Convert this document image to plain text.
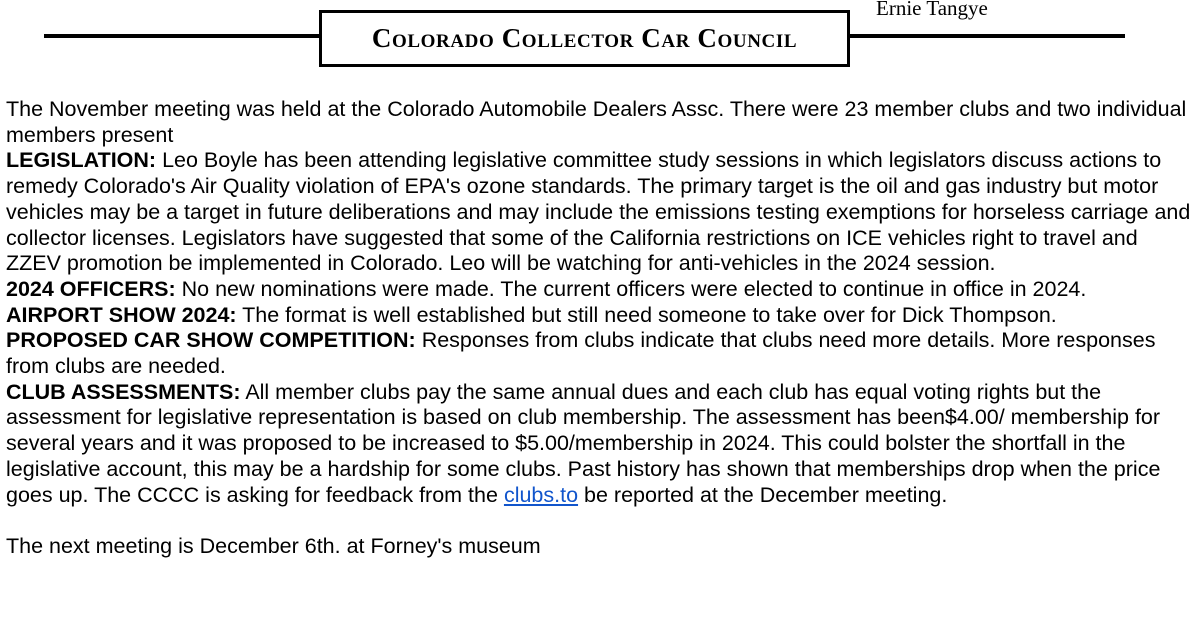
Ernie Tangye
Colorado Collector Car Council

The November meeting was held at the Colorado Automobile Dealers Assc. There were 23 member clubs and two individual members present

LEGISLATION: Leo Boyle has been attending legislative committee study sessions in which legislators discuss actions to remedy Colorado's Air Quality violation of EPA's ozone standards. The primary target is the oil and gas industry but motor vehicles may be a target in future deliberations and may include the emissions testing exemptions for horseless carriage and collector licenses. Legislators have suggested that some of the California restrictions on ICE vehicles right to travel and ZZEV promotion be implemented in Colorado. Leo will be watching for anti-vehicles in the 2024 session.

2024 OFFICERS: No new nominations were made. The current officers were elected to continue in office in 2024.

AIRPORT SHOW 2024: The format is well established but still need someone to take over for Dick Thompson.

PROPOSED CAR SHOW COMPETITION: Responses from clubs indicate that clubs need more details. More responses from clubs are needed.

CLUB ASSESSMENTS: All member clubs pay the same annual dues and each club has equal voting rights but the assessment for legislative representation is based on club membership. The assessment has been$4.00/ membership for several years and it was proposed to be increased to $5.00/membership in 2024. This could bolster the shortfall in the legislative account, this may be a hardship for some clubs. Past history has shown that memberships drop when the price goes up. The CCCC is asking for feedback from the clubs.to be reported at the December meeting.

The next meeting is December 6th. at Forney's museum
